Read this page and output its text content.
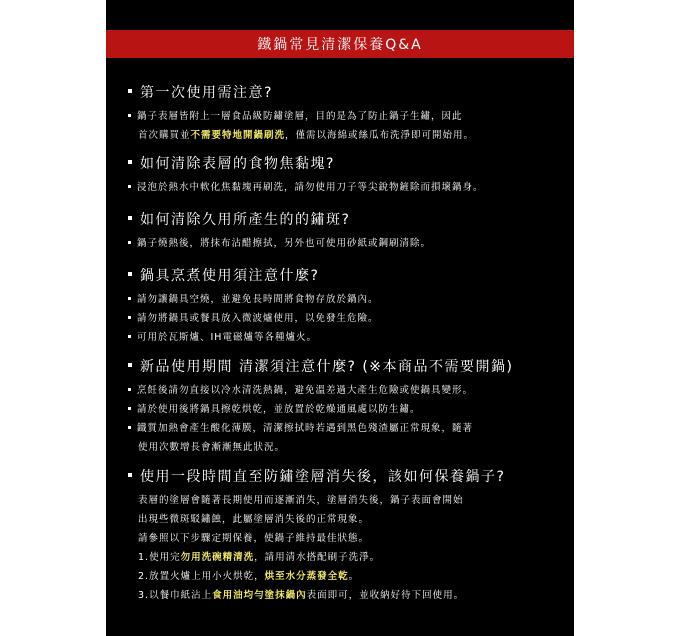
鐵鍋常見清潔保養Q&A
第一次使用需注意?
鍋子表層皆附上一層食品級防鏽塗層，目的是為了防止鍋子生鏽，因此
首次購買並不需要特地開鍋刷洗，僅需以海綿或絲瓜布洗淨即可開始用。
如何清除表層的食物焦黏塊?
浸泡於熱水中軟化焦黏塊再刷洗，請勿使用刀子等尖銳物鏟除而損壞鍋身。
如何清除久用所產生的的鏽斑?
鍋子燒熱後，將抹布沾醋擦拭，另外也可使用砂紙或鋼刷清除。
鍋具烹煮使用須注意什麼?
請勿讓鍋具空燒，並避免長時間將食物存放於鍋內。
請勿將鍋具或餐具放入微波爐使用，以免發生危險。
可用於瓦斯爐、IH電磁爐等各種爐火。
新品使用期間 清潔須注意什麼? (※本商品不需要開鍋)
烹飪後請勿直接以冷水清洗熱鍋，避免溫差過大產生危險或使鍋具變形。
請於使用後將鍋具擦乾烘乾，並放置於乾燥通風處以防生鏽。
鐵質加熱會產生酸化薄膜，清潔擦拭時若遇到黑色殘渣屬正常現象，隨著
使用次數增長會漸漸無此狀況。
使用一段時間直至防鏽塗層消失後，該如何保養鍋子?
表層的塗層會隨著長期使用而逐漸消失，塗層消失後，鍋子表面會開始
出現些微斑駁鏽蝕，此屬塗層消失後的正常現象。
請參照以下步驟定期保養，使鍋子維持最佳狀態。
1.使用完勿用洗碗精清洗，請用清水搭配刷子洗淨。
2.放置火爐上用小火烘乾，烘至水分蒸發全乾。
3.以餐巾紙沾上食用油均勻塗抹鍋內表面即可，並收納好待下回使用。
